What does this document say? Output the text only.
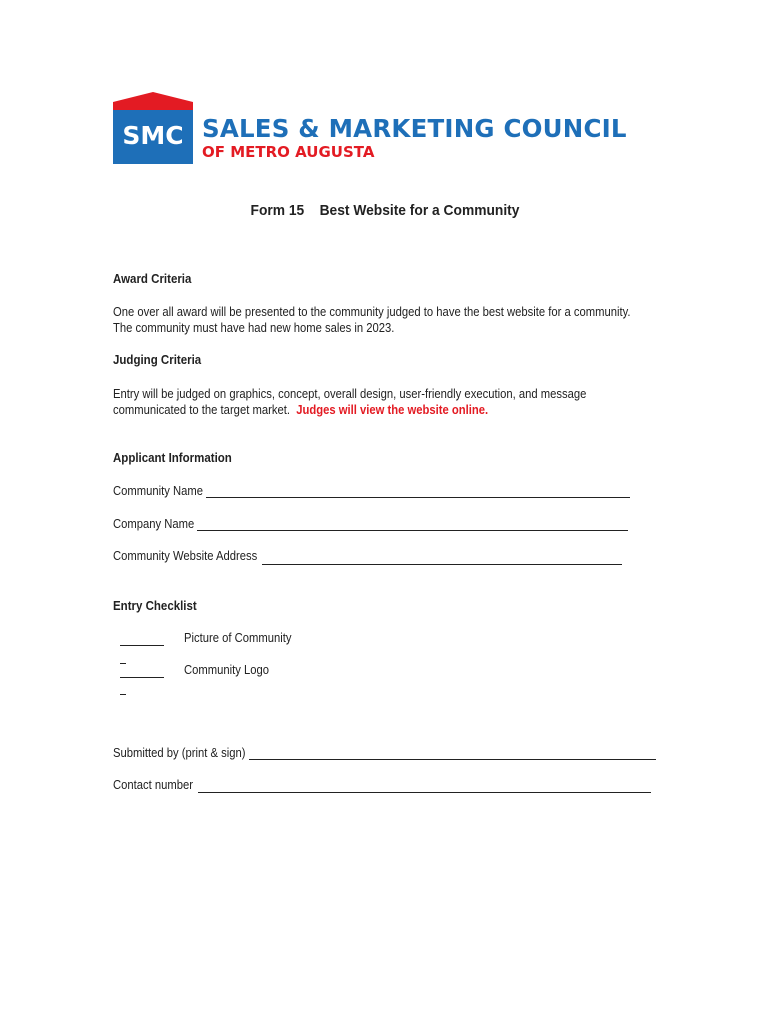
SMC SALES & MARKETING COUNCIL
OF METRO AUGUSTA
Form 15    Best Website for a Community
Award Criteria
One over all award will be presented to the community judged to have the best website for a community.
The community must have had new home sales in 2023.
Judging Criteria
Entry will be judged on graphics, concept, overall design, user-friendly execution, and message
communicated to the target market. Judges will view the website online.
Applicant Information
Community Name
Company Name
Community Website Address
Entry Checklist
Picture of Community
Community Logo
Submitted by (print & sign)
Contact number
